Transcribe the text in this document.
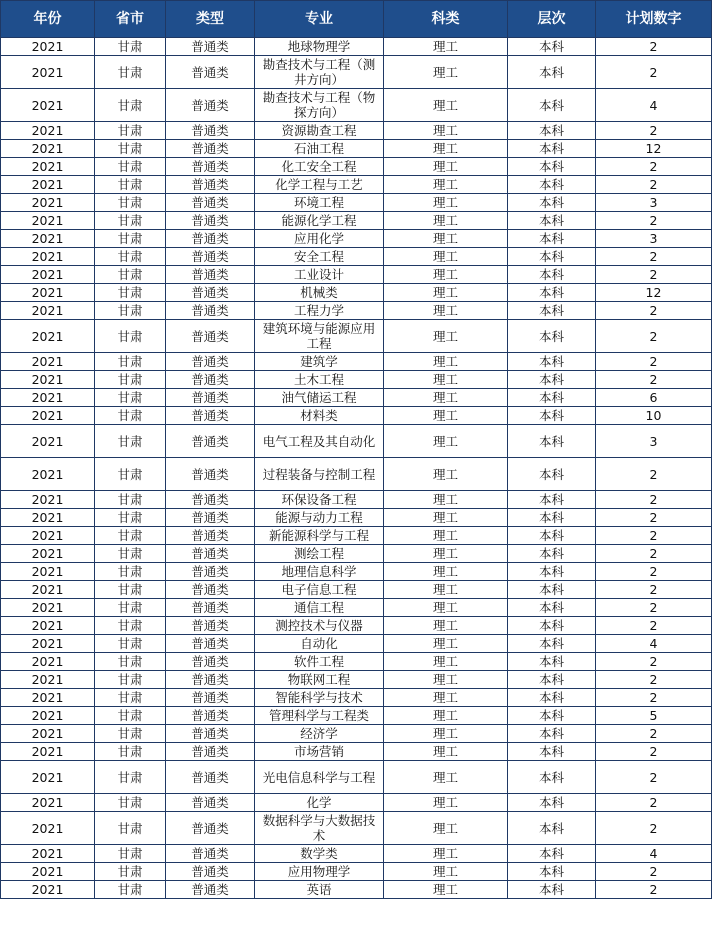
年份	省市	类型	专业	科类	层次	计划数字
2021	甘肃	普通类	地球物理学	理工	本科	2
2021	甘肃	普通类	勘查技术与工程（测井方向）	理工	本科	2
2021	甘肃	普通类	勘查技术与工程（物探方向）	理工	本科	4
2021	甘肃	普通类	资源勘查工程	理工	本科	2
2021	甘肃	普通类	石油工程	理工	本科	12
2021	甘肃	普通类	化工安全工程	理工	本科	2
2021	甘肃	普通类	化学工程与工艺	理工	本科	2
2021	甘肃	普通类	环境工程	理工	本科	3
2021	甘肃	普通类	能源化学工程	理工	本科	2
2021	甘肃	普通类	应用化学	理工	本科	3
2021	甘肃	普通类	安全工程	理工	本科	2
2021	甘肃	普通类	工业设计	理工	本科	2
2021	甘肃	普通类	机械类	理工	本科	12
2021	甘肃	普通类	工程力学	理工	本科	2
2021	甘肃	普通类	建筑环境与能源应用工程	理工	本科	2
2021	甘肃	普通类	建筑学	理工	本科	2
2021	甘肃	普通类	土木工程	理工	本科	2
2021	甘肃	普通类	油气储运工程	理工	本科	6
2021	甘肃	普通类	材料类	理工	本科	10
2021	甘肃	普通类	电气工程及其自动化	理工	本科	3
2021	甘肃	普通类	过程装备与控制工程	理工	本科	2
2021	甘肃	普通类	环保设备工程	理工	本科	2
2021	甘肃	普通类	能源与动力工程	理工	本科	2
2021	甘肃	普通类	新能源科学与工程	理工	本科	2
2021	甘肃	普通类	测绘工程	理工	本科	2
2021	甘肃	普通类	地理信息科学	理工	本科	2
2021	甘肃	普通类	电子信息工程	理工	本科	2
2021	甘肃	普通类	通信工程	理工	本科	2
2021	甘肃	普通类	测控技术与仪器	理工	本科	2
2021	甘肃	普通类	自动化	理工	本科	4
2021	甘肃	普通类	软件工程	理工	本科	2
2021	甘肃	普通类	物联网工程	理工	本科	2
2021	甘肃	普通类	智能科学与技术	理工	本科	2
2021	甘肃	普通类	管理科学与工程类	理工	本科	5
2021	甘肃	普通类	经济学	理工	本科	2
2021	甘肃	普通类	市场营销	理工	本科	2
2021	甘肃	普通类	光电信息科学与工程	理工	本科	2
2021	甘肃	普通类	化学	理工	本科	2
2021	甘肃	普通类	数据科学与大数据技术	理工	本科	2
2021	甘肃	普通类	数学类	理工	本科	4
2021	甘肃	普通类	应用物理学	理工	本科	2
2021	甘肃	普通类	英语	理工	本科	2
